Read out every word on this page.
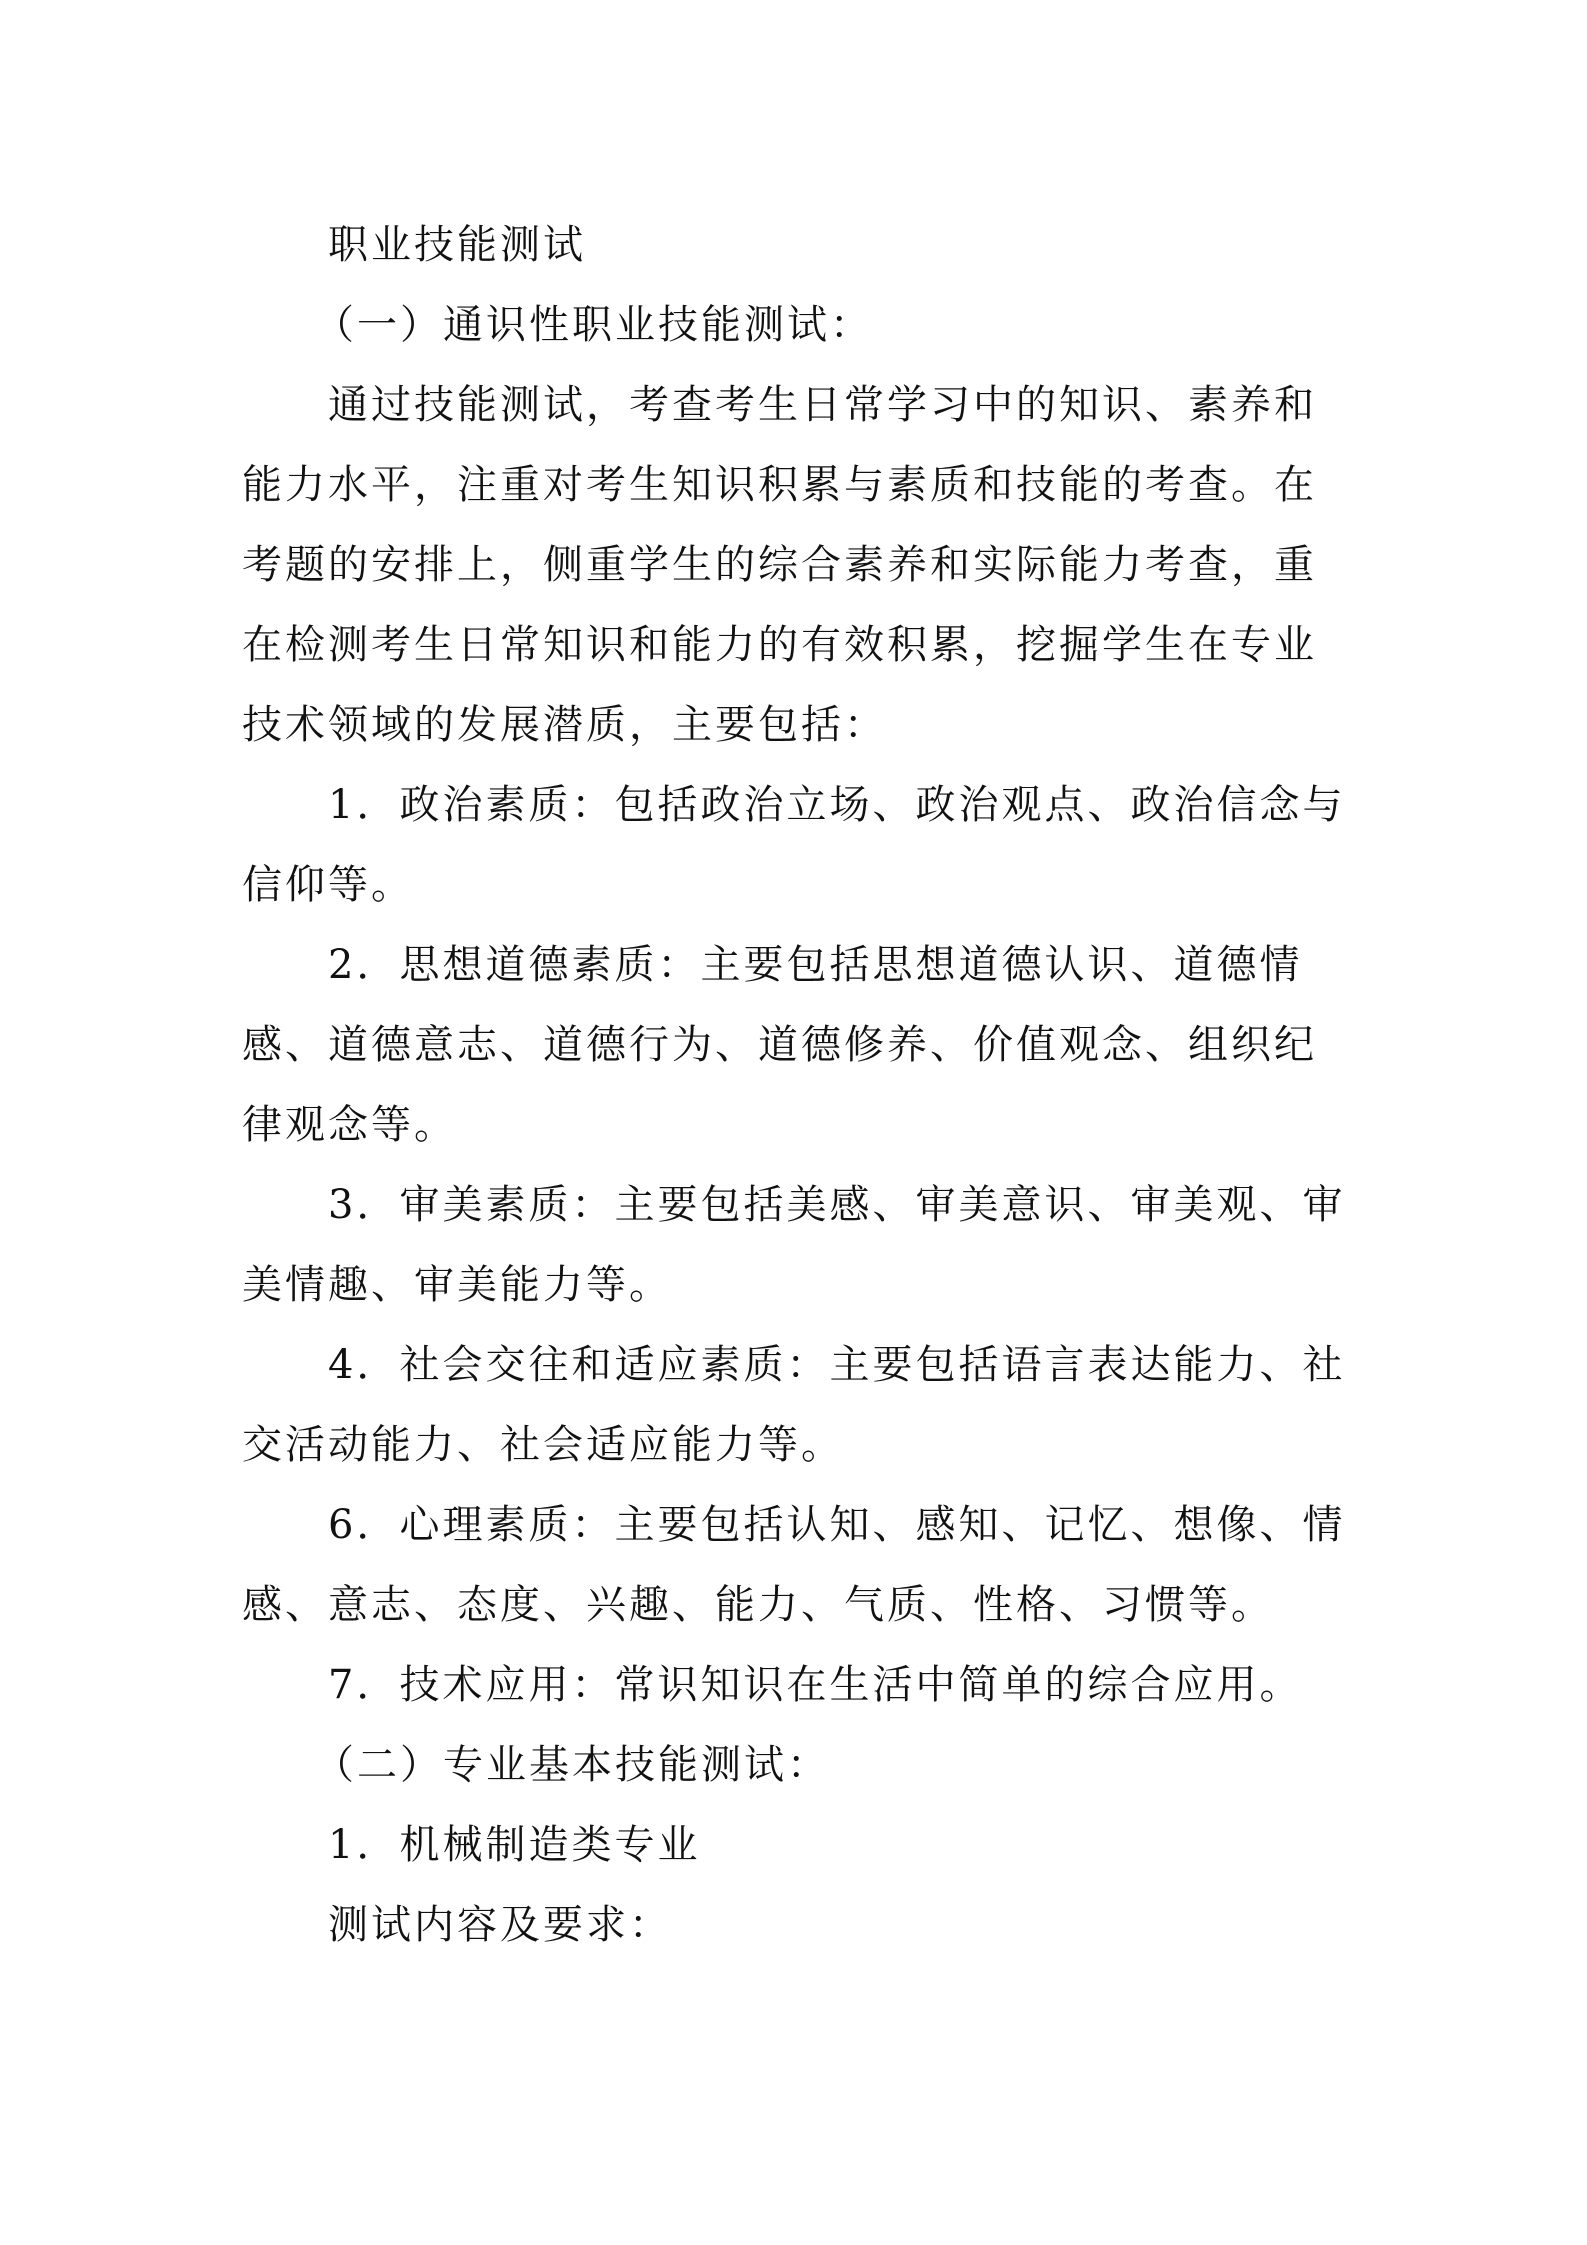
职业技能测试
（一）通识性职业技能测试：
通过技能测试，考查考生日常学习中的知识、素养和
能力水平，注重对考生知识积累与素质和技能的考查。在
考题的安排上，侧重学生的综合素养和实际能力考查，重
在检测考生日常知识和能力的有效积累，挖掘学生在专业
技术领域的发展潜质，主要包括：
1．政治素质：包括政治立场、政治观点、政治信念与
信仰等。
2．思想道德素质：主要包括思想道德认识、道德情
感、道德意志、道德行为、道德修养、价值观念、组织纪
律观念等。
3．审美素质：主要包括美感、审美意识、审美观、审
美情趣、审美能力等。
4．社会交往和适应素质：主要包括语言表达能力、社
交活动能力、社会适应能力等。
6．心理素质：主要包括认知、感知、记忆、想像、情
感、意志、态度、兴趣、能力、气质、性格、习惯等。
7．技术应用：常识知识在生活中简单的综合应用。
（二）专业基本技能测试：
1．机械制造类专业
测试内容及要求：
